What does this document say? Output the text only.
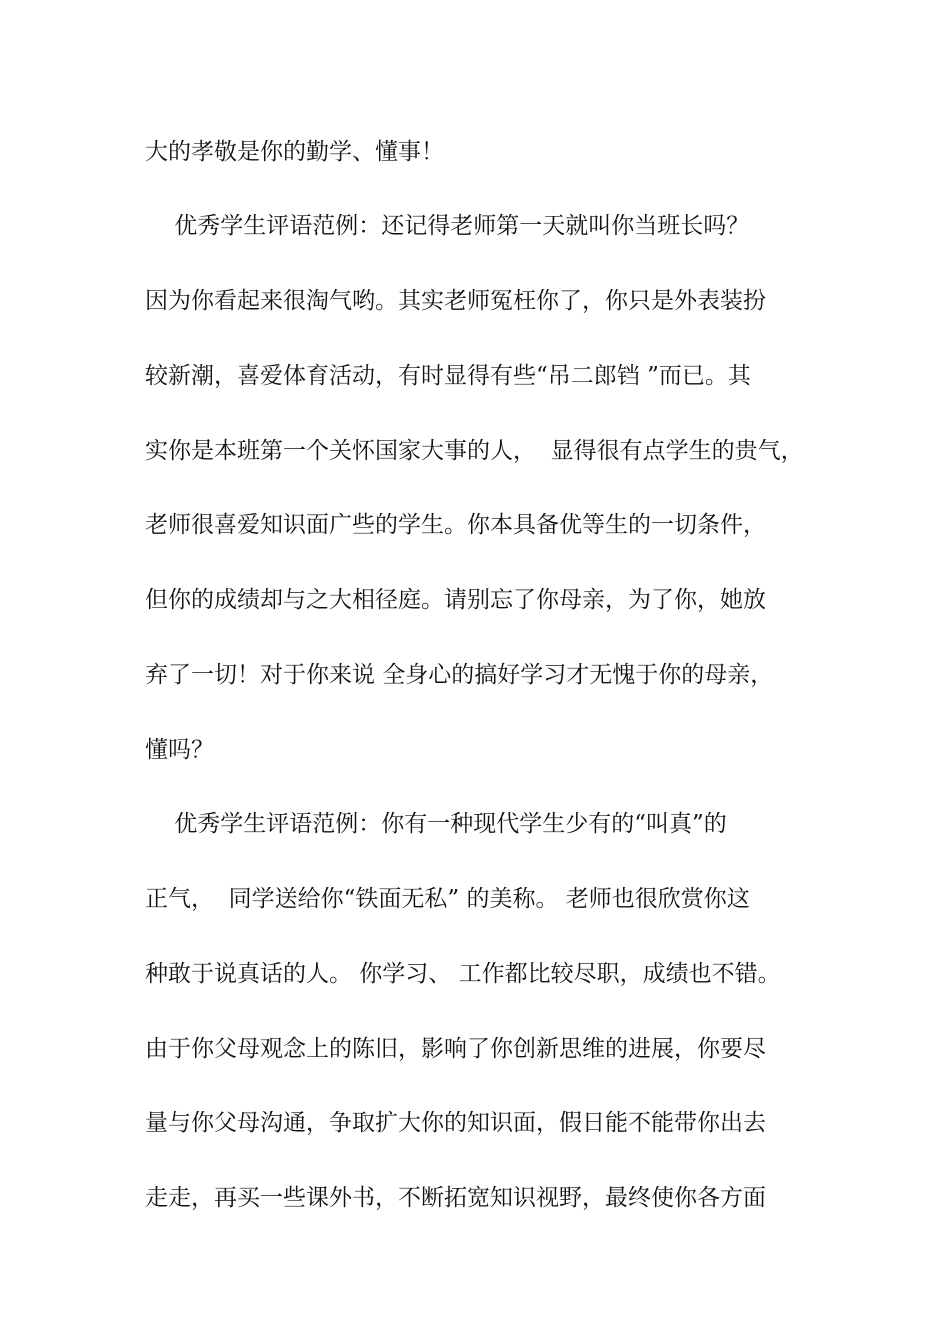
大的孝敬是你的勤学、懂事！
优秀学生评语范例：还记得老师第一天就叫你当班长吗？
因为你看起来很淘气哟。其实老师冤枉你了，你只是外表装扮
较新潮，喜爱体育活动，有时显得有些“吊二郎铛 ”而已。其
实你是本班第一个关怀国家大事的人，  显得很有点学生的贵气，
老师很喜爱知识面广些的学生。你本具备优等生的一切条件，
但你的成绩却与之大相径庭。请别忘了你母亲，为了你，她放
弃了一切！对于你来说 全身心的搞好学习才无愧于你的母亲，
懂吗？
优秀学生评语范例：你有一种现代学生少有的“叫真”的
正气，  同学送给你“铁面无私” 的美称。 老师也很欣赏你这
种敢于说真话的人。 你学习、 工作都比较尽职，成绩也不错。
由于你父母观念上的陈旧，影响了你创新思维的进展，你要尽
量与你父母沟通，争取扩大你的知识面，假日能不能带你出去
走走，再买一些课外书，不断拓宽知识视野，最终使你各方面
